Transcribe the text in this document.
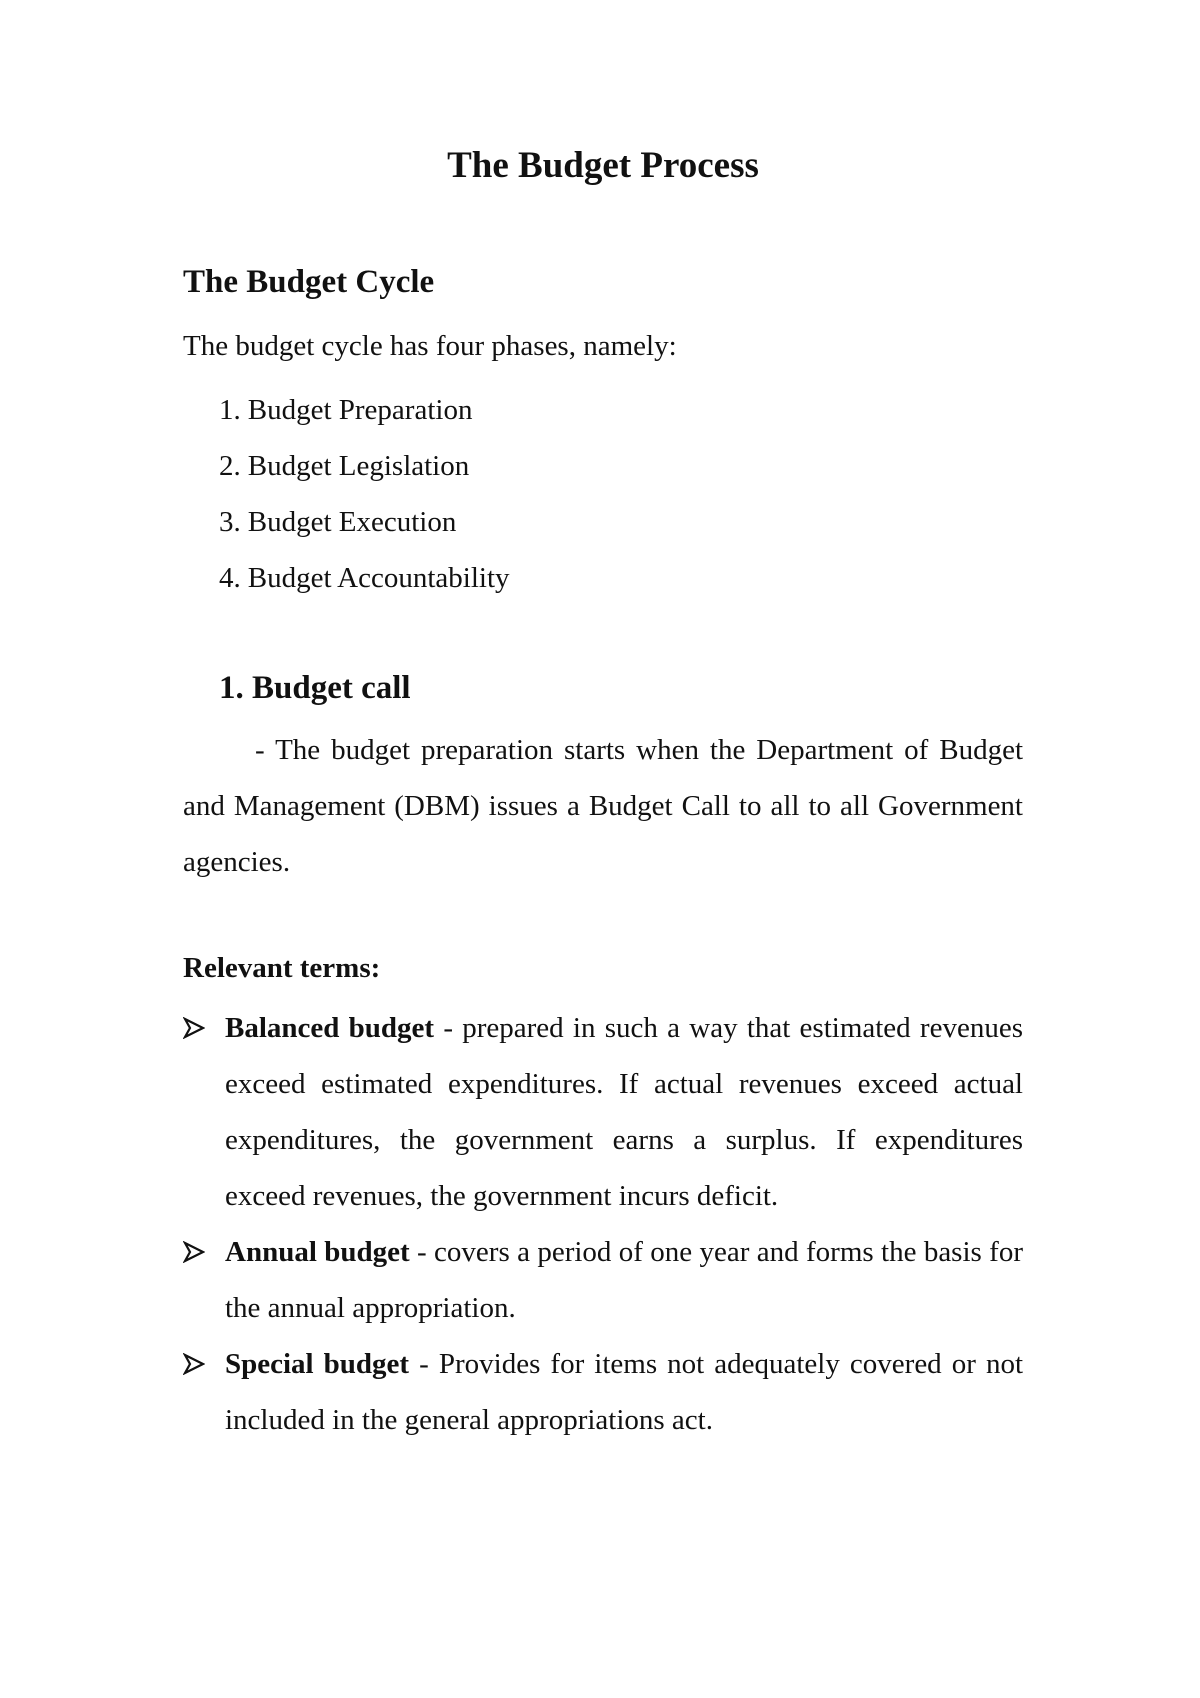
The Budget Process
The Budget Cycle

The budget cycle has four phases, namely:

1. Budget Preparation
2. Budget Legislation
3. Budget Execution
4. Budget Accountability
1. Budget call

- The budget preparation starts when the Department of Budget and Management (DBM) issues a Budget Call to all to all Government agencies.

Relevant terms:

Balanced budget - prepared in such a way that estimated revenues exceed estimated expenditures. If actual revenues exceed actual expenditures, the government earns a surplus. If expenditures exceed revenues, the government incurs deficit.
Annual budget - covers a period of one year and forms the basis for the annual appropriation.
Special budget - Provides for items not adequately covered or not included in the general appropriations act.
